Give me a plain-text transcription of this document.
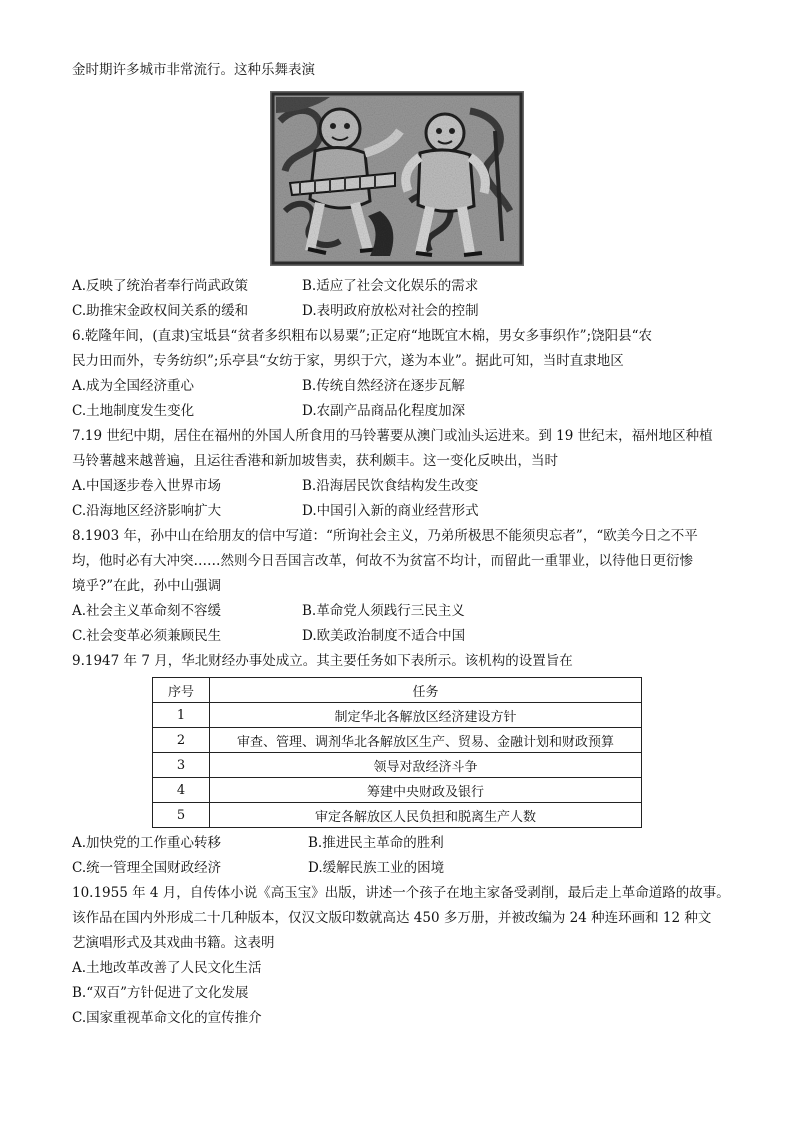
金时期许多城市非常流行。这种乐舞表演
A.反映了统治者奉行尚武政策	B.适应了社会文化娱乐的需求
C.助推宋金政权间关系的缓和	D.表明政府放松对社会的控制
6.乾隆年间，(直隶)宝坻县“贫者多织粗布以易粟”;正定府“地既宜木棉，男女多事织作”;饶阳县“农
民力田而外，专务纺织”;乐亭县“女纺于家，男织于穴，遂为本业”。据此可知，当时直隶地区
A.成为全国经济重心	B.传统自然经济在逐步瓦解
C.土地制度发生变化	D.农副产品商品化程度加深
7.19 世纪中期，居住在福州的外国人所食用的马铃薯要从澳门或汕头运进来。到 19 世纪末，福州地区种植
马铃薯越来越普遍，且运往香港和新加坡售卖，获利颇丰。这一变化反映出，当时
A.中国逐步卷入世界市场	B.沿海居民饮食结构发生改变
C.沿海地区经济影响扩大	D.中国引入新的商业经营形式
8.1903 年，孙中山在给朋友的信中写道：“所询社会主义，乃弟所极思不能须臾忘者”，“欧美今日之不平
均，他时必有大冲突……然则今日吾国言改革，何故不为贫富不均计，而留此一重罪业，以待他日更衍惨
境乎?”在此，孙中山强调
A.社会主义革命刻不容缓	B.革命党人须践行三民主义
C.社会变革必须兼顾民生	D.欧美政治制度不适合中国
9.1947 年 7 月，华北财经办事处成立。其主要任务如下表所示。该机构的设置旨在
序号	任务
1	制定华北各解放区经济建设方针
2	审查、管理、调剂华北各解放区生产、贸易、金融计划和财政预算
3	领导对敌经济斗争
4	筹建中央财政及银行
5	审定各解放区人民负担和脱离生产人数
A.加快党的工作重心转移	B.推进民主革命的胜利
C.统一管理全国财政经济	D.缓解民族工业的困境
10.1955 年 4 月，自传体小说《高玉宝》出版，讲述一个孩子在地主家备受剥削，最后走上革命道路的故事。
该作品在国内外形成二十几种版本，仅汉文版印数就高达 450 多万册，并被改编为 24 种连环画和 12 种文
艺演唱形式及其戏曲书籍。这表明
A.土地改革改善了人民文化生活
B.“双百”方针促进了文化发展
C.国家重视革命文化的宣传推介
